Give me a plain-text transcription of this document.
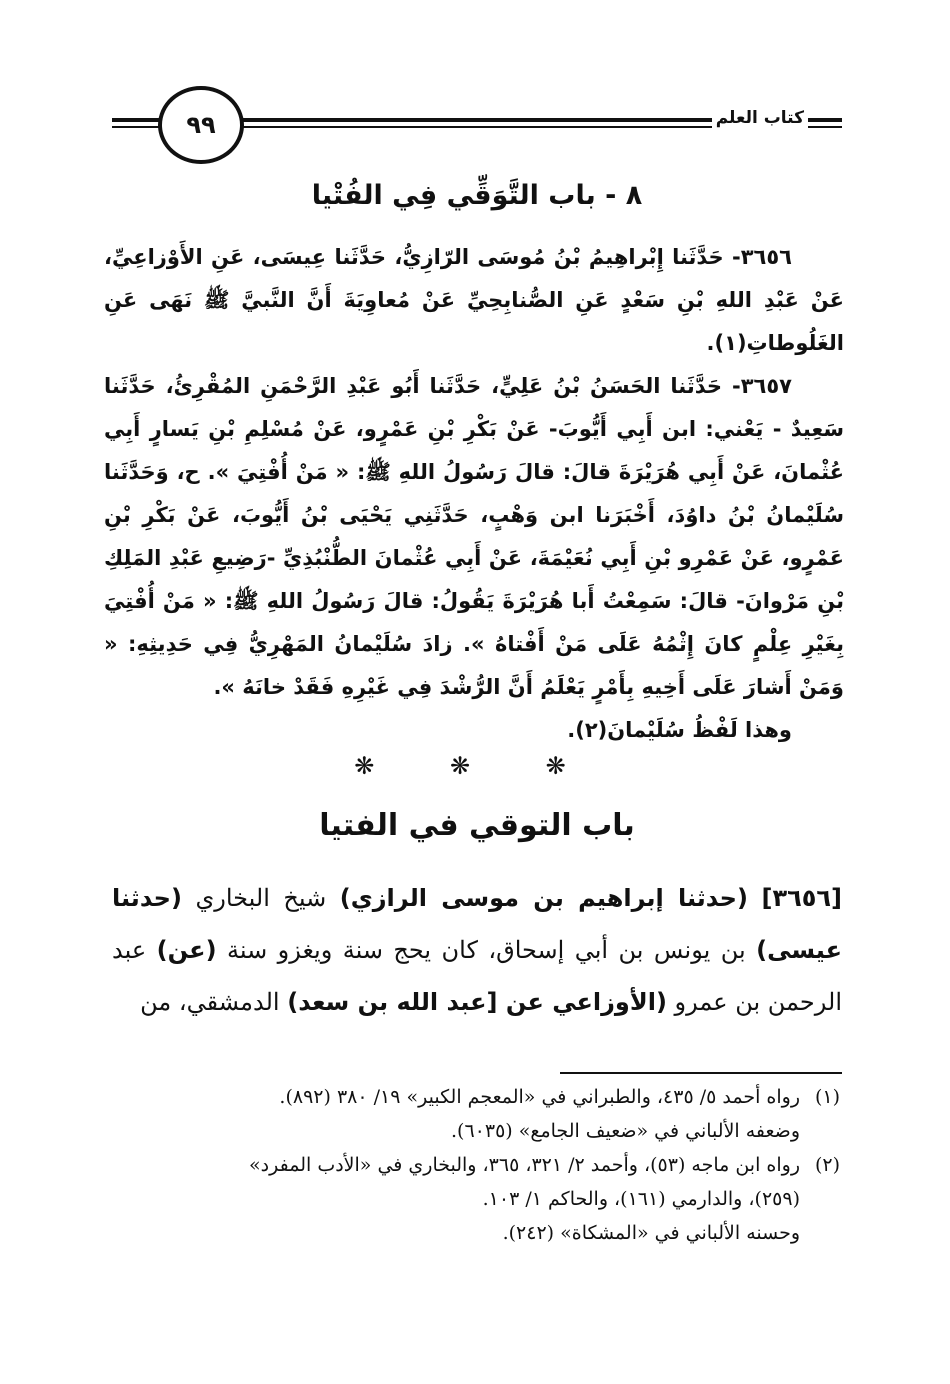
٩٩	كتاب العلم
٨ - باب التَّوَقِّي فِي الفُتْيا

٣٦٥٦- حَدَّثَنا إِبْراهِيمُ بْنُ مُوسَى الرّازِيُّ، حَدَّثَنا عِيسَى، عَنِ الأَوْزاعِيِّ، عَنْ عَبْدِ اللهِ بْنِ سَعْدٍ عَنِ الصُّنابِحِيِّ عَنْ مُعاوِيَةَ أَنَّ النَّبيَّ ﷺ نَهَى عَنِ الغَلُوطاتِ(١).

٣٦٥٧- حَدَّثَنا الحَسَنُ بْنُ عَلِيٍّ، حَدَّثَنا أَبُو عَبْدِ الرَّحْمَنِ المُقْرِئُ، حَدَّثَنا سَعِيدٌ - يَعْني: ابن أَبِي أَيُّوبَ- عَنْ بَكْرِ بْنِ عَمْرٍو، عَنْ مُسْلِمِ بْنِ يَسارٍ أَبِي عُثْمانَ، عَنْ أَبِي هُرَيْرَةَ قالَ: قالَ رَسُولُ اللهِ ﷺ: « مَنْ أُفْتِيَ ». ح، وَحَدَّثَنا سُلَيْمانُ بْنُ داوُدَ، أَخْبَرَنا ابن وَهْبٍ، حَدَّثَنِي يَحْيَى بْنُ أَيُّوبَ، عَنْ بَكْرِ بْنِ عَمْرٍو، عَنْ عَمْرِو بْنِ أَبِي نُعَيْمَةَ، عَنْ أَبِي عُثْمانَ الطُّنْبُذِيِّ -رَضِيعِ عَبْدِ المَلِكِ بْنِ مَرْوانَ- قالَ: سَمِعْتُ أَبا هُرَيْرَةَ يَقُولُ: قالَ رَسُولُ اللهِ ﷺ: « مَنْ أُفْتِيَ بِغَيْرِ عِلْمٍ كانَ إِثْمُهُ عَلَى مَنْ أَفْتاهُ ». زادَ سُلَيْمانُ المَهْرِيُّ فِي حَدِيثِهِ: « وَمَنْ أَشارَ عَلَى أَخِيهِ بِأَمْرٍ يَعْلَمُ أَنَّ الرُّشْدَ فِي غَيْرِهِ فَقَدْ خانَهُ ».

وهذا لَفْظُ سُلَيْمانَ(٢).

❋ ❋ ❋
باب التوقي في الفتيا
[٣٦٥٦] (حدثنا إبراهيم بن موسى الرازي) شيخ البخاري (حدثنا عيسى) بن يونس بن أبي إسحاق، كان يحج سنة ويغزو سنة (عن) عبد الرحمن بن عمرو (الأوزاعي عن [عبد الله بن سعد) الدمشقي، من

(١)رواه أحمد ٥/ ٤٣٥، والطبراني في «المعجم الكبير» ١٩/ ٣٨٠ (٨٩٢).

وضعفه الألباني في «ضعيف الجامع» (٦٠٣٥).

(٢)رواه ابن ماجه (٥٣)، وأحمد ٢/ ٣٢١، ٣٦٥، والبخاري في «الأدب المفرد»

(٢٥٩)، والدارمي (١٦١)، والحاكم ١/ ١٠٣.

وحسنه الألباني في «المشكاة» (٢٤٢).
